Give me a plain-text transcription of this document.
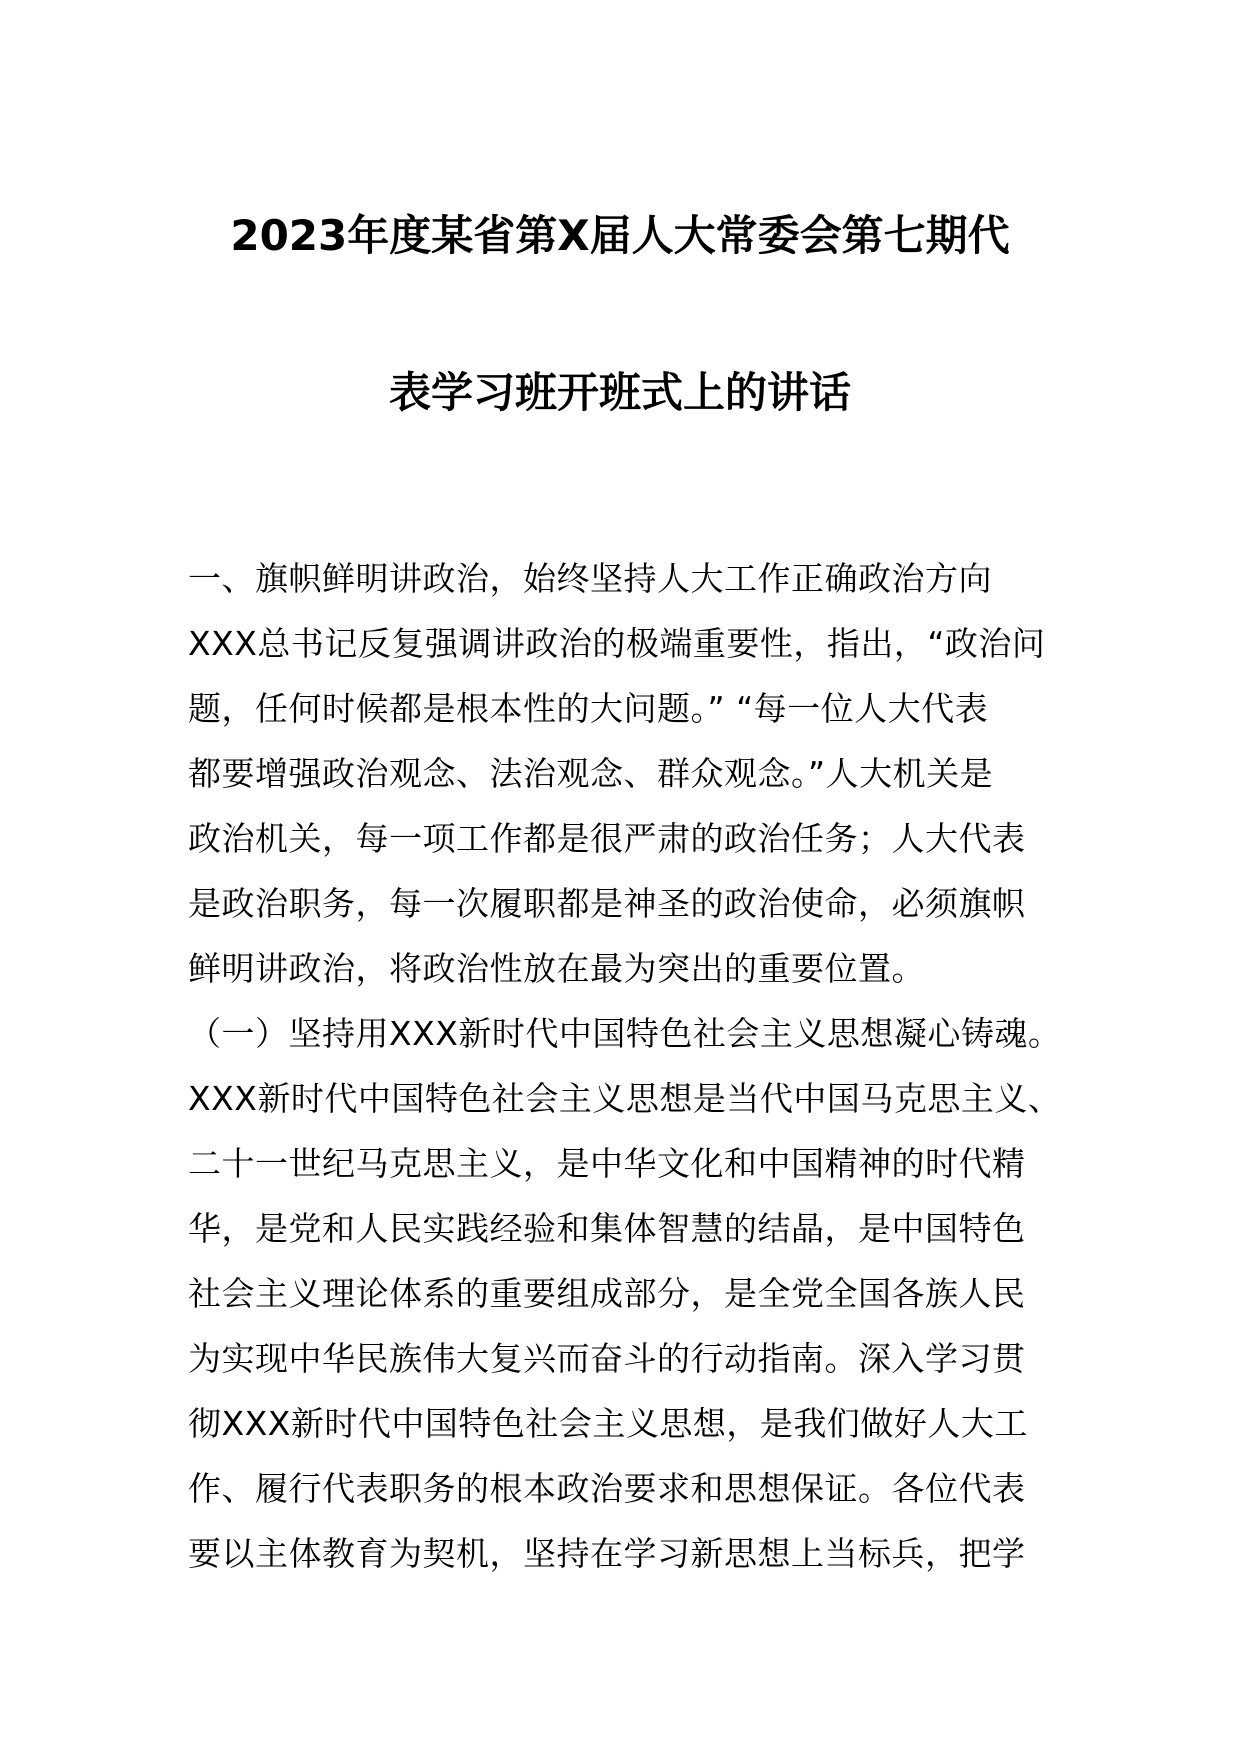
2023年度某省第X届人大常委会第七期代
表学习班开班式上的讲话
一、旗帜鲜明讲政治，始终坚持人大工作正确政治方向
XXX总书记反复强调讲政治的极端重要性，指出，“政治问
题，任何时候都是根本性的大问题。” “每一位人大代表
都要增强政治观念、法治观念、群众观念。”人大机关是
政治机关，每一项工作都是很严肃的政治任务；人大代表
是政治职务，每一次履职都是神圣的政治使命，必须旗帜
鲜明讲政治，将政治性放在最为突出的重要位置。
（一）坚持用XXX新时代中国特色社会主义思想凝心铸魂。
XXX新时代中国特色社会主义思想是当代中国马克思主义、
二十一世纪马克思主义，是中华文化和中国精神的时代精
华，是党和人民实践经验和集体智慧的结晶，是中国特色
社会主义理论体系的重要组成部分，是全党全国各族人民
为实现中华民族伟大复兴而奋斗的行动指南。深入学习贯
彻XXX新时代中国特色社会主义思想，是我们做好人大工
作、履行代表职务的根本政治要求和思想保证。各位代表
要以主体教育为契机，坚持在学习新思想上当标兵，把学
